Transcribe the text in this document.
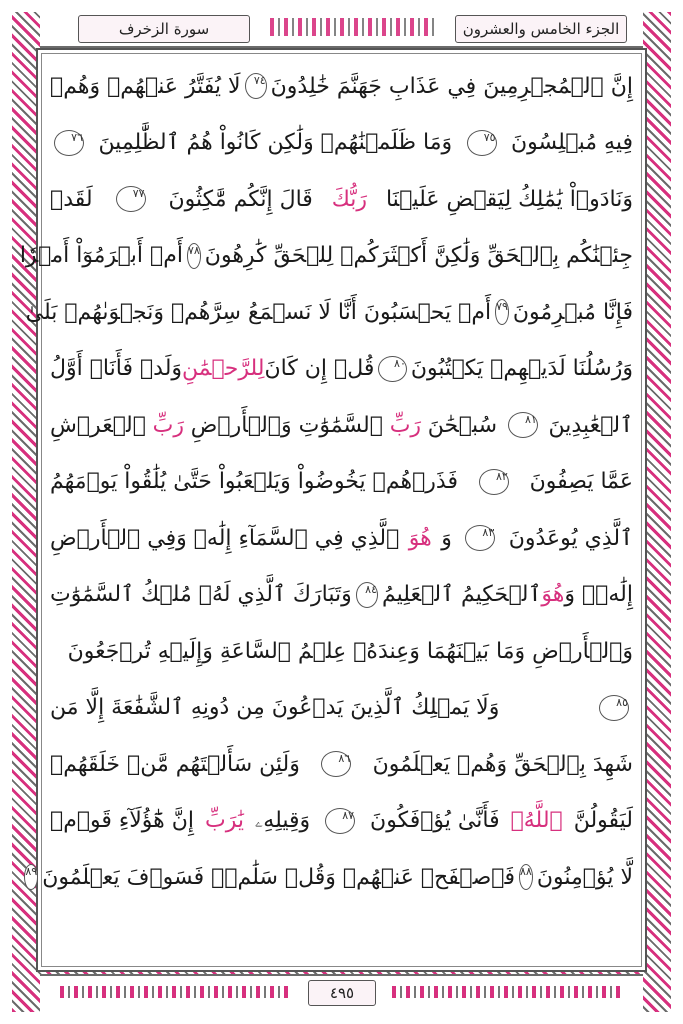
سورة الزخرف	الجزء الخامس والعشرون
إِنَّ ٱلۡمُجۡرِمِينَ فِي عَذَابِ جَهَنَّمَ خَٰلِدُونَ
٧٤
لَا يُفَتَّرُ عَنۡهُمۡ وَهُمۡ
فِيهِ مُبۡلِسُونَ
٧٥
وَمَا ظَلَمۡنَٰهُمۡ وَلَٰكِن كَانُواْ هُمُ ٱلظَّٰلِمِينَ
٧٦
وَنَادَوۡاْ يَٰمَٰلِكُ لِيَقۡضِ عَلَيۡنَا
رَبُّكَ
قَالَ إِنَّكُم مَّٰكِثُونَ
٧٧
لَقَدۡ
جِئۡنَٰكُم بِٱلۡحَقِّ وَلَٰكِنَّ أَكۡثَرَكُمۡ لِلۡحَقِّ كَٰرِهُونَ
٧٨
أَمۡ أَبۡرَمُوٓاْ أَمۡرٗا
فَإِنَّا مُبۡرِمُونَ
٧٩
أَمۡ يَحۡسَبُونَ أَنَّا لَا نَسۡمَعُ سِرَّهُمۡ وَنَجۡوَىٰهُمۚ بَلَىٰ
وَرُسُلُنَا لَدَيۡهِمۡ يَكۡتُبُونَ
٨٠
قُلۡ إِن كَانَ
لِلرَّحۡمَٰنِ
وَلَدٞ فَأَنَا۠ أَوَّلُ
ٱلۡعَٰبِدِينَ
٨١
سُبۡحَٰنَ
رَبِّ
ٱلسَّمَٰوَٰتِ وَٱلۡأَرۡضِ
رَبِّ
ٱلۡعَرۡشِ
عَمَّا يَصِفُونَ
٨٢
فَذَرۡهُمۡ يَخُوضُواْ وَيَلۡعَبُواْ حَتَّىٰ يُلَٰقُواْ يَوۡمَهُمُ
ٱلَّذِي يُوعَدُونَ
٨٣
وَ
هُوَ
ٱلَّذِي فِي ٱلسَّمَآءِ إِلَٰهٞ وَفِي ٱلۡأَرۡضِ
إِلَٰهٞۚ وَ
هُوَ
ٱلۡحَكِيمُ ٱلۡعَلِيمُ
٨٤
وَتَبَارَكَ ٱلَّذِي لَهُۥ مُلۡكُ ٱلسَّمَٰوَٰتِ
وَٱلۡأَرۡضِ وَمَا بَيۡنَهُمَا وَعِندَهُۥ عِلۡمُ ٱلسَّاعَةِ وَإِلَيۡهِ تُرۡجَعُونَ
٨٥
وَلَا يَمۡلِكُ ٱلَّذِينَ يَدۡعُونَ مِن دُونِهِ ٱلشَّفَٰعَةَ إِلَّا مَن
شَهِدَ بِٱلۡحَقِّ وَهُمۡ يَعۡلَمُونَ
٨٦
وَلَئِن سَأَلۡتَهُم مَّنۡ خَلَقَهُمۡ
لَيَقُولُنَّ
ٱللَّهُۖ
فَأَنَّىٰ يُؤۡفَكُونَ
٨٧
وَقِيلِهِۦ
يَٰرَبِّ
إِنَّ هَٰٓؤُلَآءِ قَوۡمٞ
لَّا يُؤۡمِنُونَ
٨٨
فَٱصۡفَحۡ عَنۡهُمۡ وَقُلۡ سَلَٰمٞۚ فَسَوۡفَ يَعۡلَمُونَ
٨٩
٤٩٥
